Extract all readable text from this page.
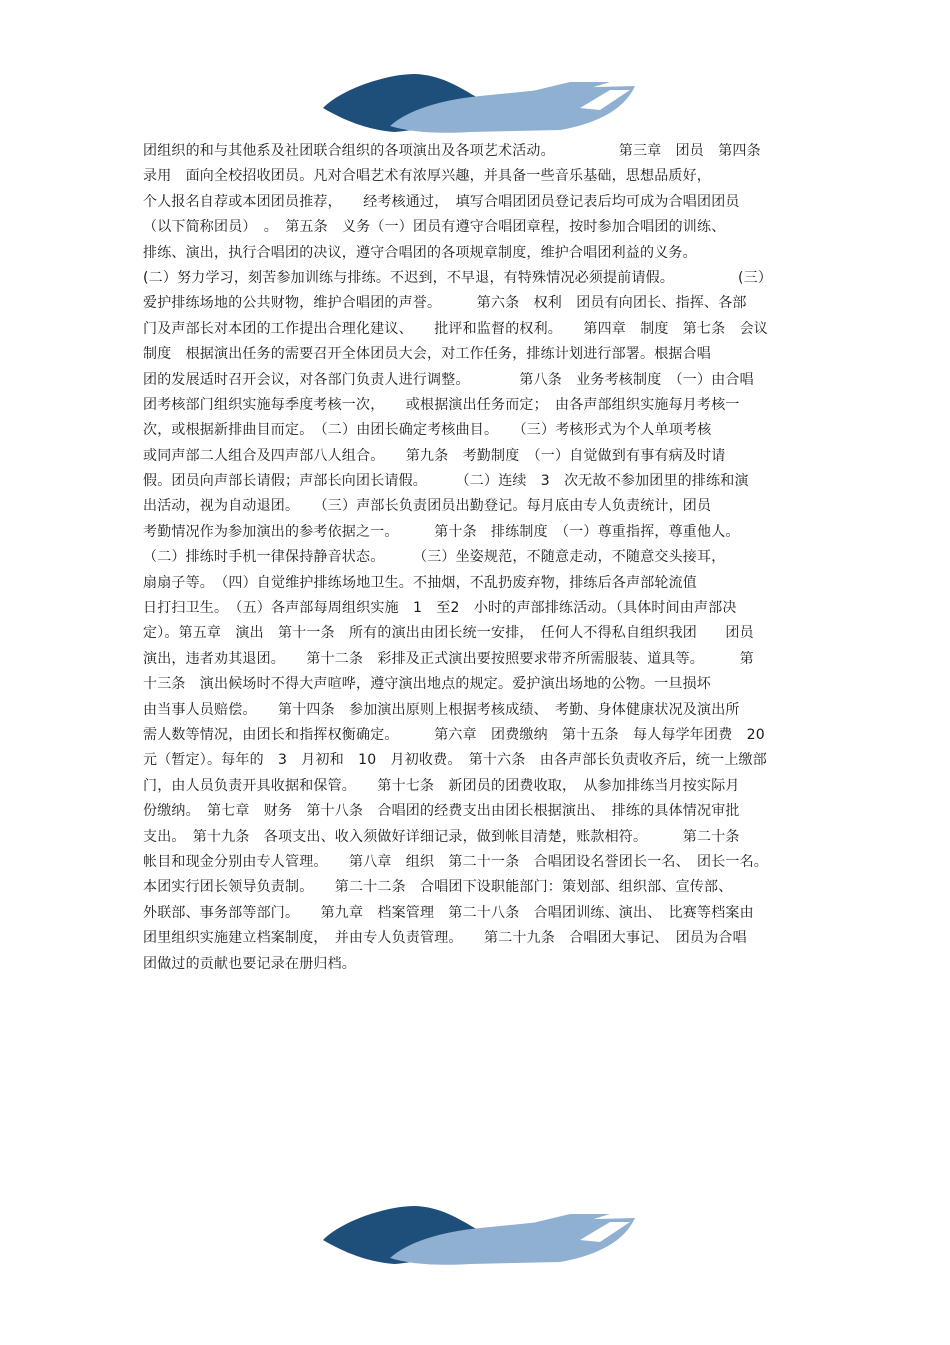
团组织的和与其他系及社团联合组织的各项演出及各项艺术活动。　　　　　第三章　团员　第四条
录用　面向全校招收团员。凡对合唱艺术有浓厚兴趣，并具备一些音乐基础，思想品质好，
个人报名自荐或本团团员推荐，　　经考核通过，　填写合唱团团员登记表后均可成为合唱团团员
（以下简称团员）　。　第五条　义务（一）团员有遵守合唱团章程，按时参加合唱团的训练、
排练、演出，执行合唱团的决议，遵守合唱团的各项规章制度，维护合唱团利益的义务。
(二）努力学习，刻苦参加训练与排练。不迟到，不早退，有特殊情况必须提前请假。　　　　　(三）
爱护排练场地的公共财物，维护合唱团的声誉。　　　第六条　权利　团员有向团长、指挥、各部
门及声部长对本团的工作提出合理化建议、　　批评和监督的权利。　　第四章　制度　第七条　会议
制度　根据演出任务的需要召开全体团员大会，对工作任务，排练计划进行部署。根据合唱
团的发展适时召开会议，对各部门负责人进行调整。　　　　第八条　业务考核制度　（一）由合唱
团考核部门组织实施每季度考核一次，　　或根据演出任务而定；　由各声部组织实施每月考核一
次，或根据新排曲目而定。　（二）由团长确定考核曲目。　　（三）考核形式为个人单项考核
或同声部二人组合及四声部八人组合。　　第九条　考勤制度　（一）自觉做到有事有病及时请
假。团员向声部长请假；声部长向团长请假。　　　（二）连续　3　次无故不参加团里的排练和演
出活动，视为自动退团。　　（三）声部长负责团员出勤登记。每月底由专人负责统计，团员
考勤情况作为参加演出的参考依据之一。　　　第十条　排练制度　（一）尊重指挥，尊重他人。
（二）排练时手机一律保持静音状态。　　　（三）坐姿规范，不随意走动，不随意交头接耳，
扇扇子等。　（四）自觉维护排练场地卫生。不抽烟，不乱扔废弃物，排练后各声部轮流值
日打扫卫生。　（五）各声部每周组织实施　1　至2　小时的声部排练活动。（具体时间由声部决
定）。第五章　演出　第十一条　所有的演出由团长统一安排，　任何人不得私自组织我团　　团员
演出，违者劝其退团。　　第十二条　彩排及正式演出要按照要求带齐所需服装、道具等。　　　第
十三条　演出候场时不得大声喧哗，遵守演出地点的规定。爱护演出场地的公物。一旦损坏
由当事人员赔偿。　　第十四条　参加演出原则上根据考核成绩、　考勤、身体健康状况及演出所
需人数等情况，由团长和指挥权衡确定。　　　第六章　团费缴纳　第十五条　每人每学年团费　20
元（暂定）。每年的　3　月初和　10　月初收费。　第十六条　由各声部长负责收齐后，统一上缴部
门，由人员负责开具收据和保管。　　第十七条　新团员的团费收取，　从参加排练当月按实际月
份缴纳。　第七章　财务　第十八条　合唱团的经费支出由团长根据演出、　排练的具体情况审批
支出。　第十九条　各项支出、收入须做好详细记录，做到帐目清楚，账款相符。　　　第二十条
帐目和现金分别由专人管理。　　第八章　组织　第二十一条　合唱团设名誉团长一名、　团长一名。
本团实行团长领导负责制。　　第二十二条　合唱团下设职能部门：策划部、组织部、宣传部、
外联部、事务部等部门。　　第九章　档案管理　第二十八条　合唱团训练、演出、　比赛等档案由
团里组织实施建立档案制度，　并由专人负责管理。　　第二十九条　合唱团大事记、　团员为合唱
团做过的贡献也要记录在册归档。
